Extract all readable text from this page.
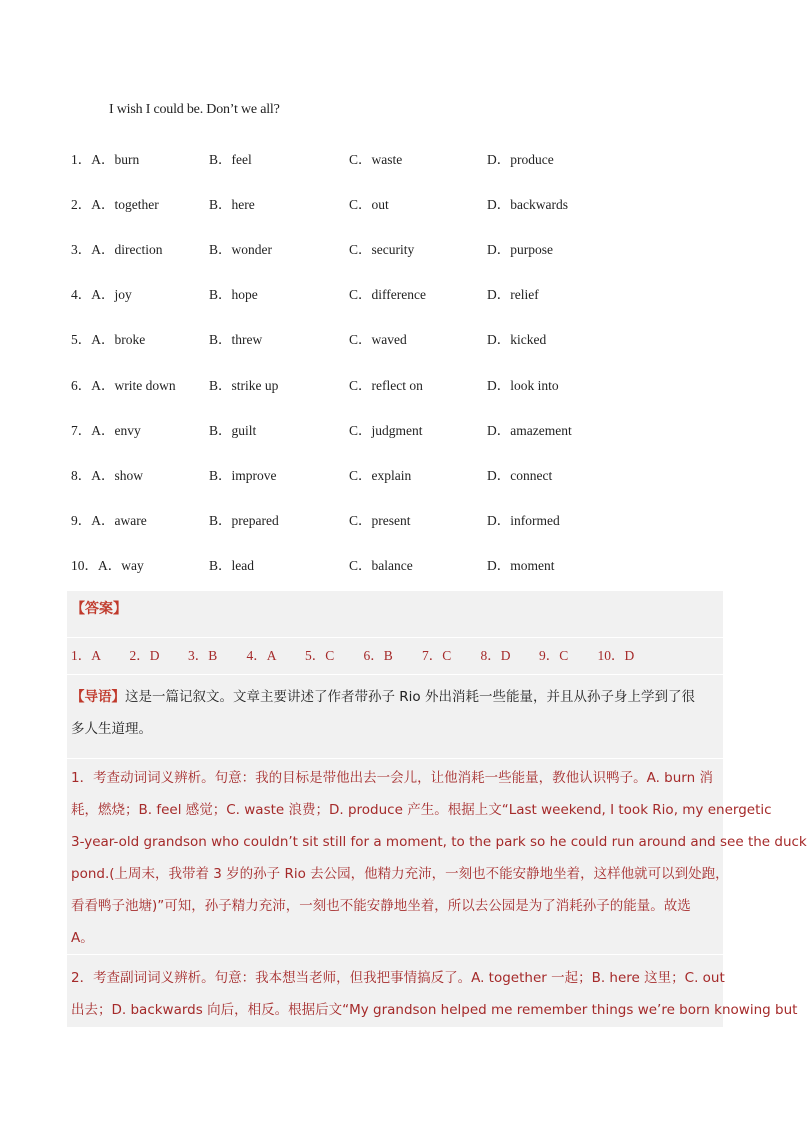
I wish I could be. Don’t we all?
1．A．burn	B．feel	C．waste	D．produce
2．A．together	B．here	C．out	D．backwards
3．A．direction	B．wonder	C．security	D．purpose
4．A．joy	B．hope	C．difference	D．relief
5．A．broke	B．threw	C．waved	D．kicked
6．A．write down B．strike up	C．reflect on	D．look into
7．A．envy	B．guilt	C．judgment	D．amazement
8．A．show	B．improve	C．explain	D．connect
9．A．aware	B．prepared	C．present	D．informed
10．A．way	B．lead	C．balance	D．moment
【答案】
1．A 2．D 3．B 4．A 5．C 6．B 7．C 8．D 9．C 10．D
【导语】这是一篇记叙文。文章主要讲述了作者带孙子 Rio 外出消耗一些能量，并且从孙子身上学到了很
多人生道理。
1．考查动词词义辨析。句意：我的目标是带他出去一会儿，让他消耗一些能量，教他认识鸭子。A. burn 消
耗，燃烧；B. feel 感觉；C. waste 浪费；D. produce 产生。根据上文“Last weekend, I took Rio, my energetic
3-year-old grandson who couldn’t sit still for a moment, to the park so he could run around and see the duck
pond.(上周末，我带着 3 岁的孙子 Rio 去公园，他精力充沛，一刻也不能安静地坐着，这样他就可以到处跑，
看看鸭子池塘)”可知，孙子精力充沛，一刻也不能安静地坐着，所以去公园是为了消耗孙子的能量。故选
A。
2．考查副词词义辨析。句意：我本想当老师，但我把事情搞反了。A. together 一起；B. here 这里；C. out
出去；D. backwards 向后，相反。根据后文“My grandson helped me remember things we’re born knowing but
